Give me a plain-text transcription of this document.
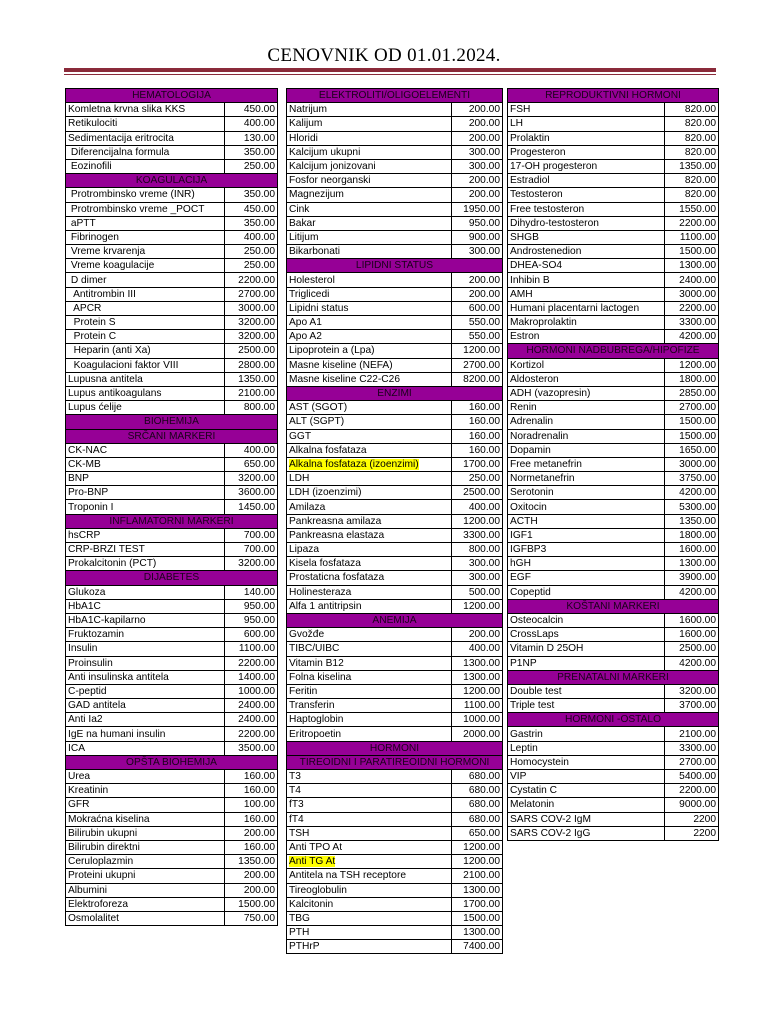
CENOVNIK OD 01.01.2024.
HEMATOLOGIJA	
Komletna krvna slika KKS	450.00
Retikulociti	400.00
Sedimentacija eritrocita	130.00
Diferencijalna formula	350.00
Eozinofili	250.00
KOAGULACIJA	
Protrombinsko vreme (INR)	350.00
Protrombinsko vreme _POCT	450.00
aPTT	350.00
Fibrinogen	400.00
Vreme krvarenja	250.00
Vreme koagulacije	250.00
D dimer	2200.00
Antitrombin III	2700.00
APCR	3000.00
Protein S	3200.00
Protein C	3200.00
Heparin (anti Xa)	2500.00
Koagulacioni faktor VIII	2800.00
Lupusna antitela	1350.00
Lupus antikoagulans	2100.00
Lupus ćelije	800.00
BIOHEMIJA	
SRČANI MARKERI	
CK-NAC	400.00
CK-MB	650.00
BNP	3200.00
Pro-BNP	3600.00
Troponin I	1450.00
INFLAMATORNI MARKERI	
hsCRP	700.00
CRP-BRZI TEST	700.00
Prokalcitonin (PCT)	3200.00
DIJABETES	
Glukoza	140.00
HbA1C	950.00
HbA1C-kapilarno	950.00
Fruktozamin	600.00
Insulin	1100.00
Proinsulin	2200.00
Anti insulinska antitela	1400.00
C-peptid	1000.00
GAD antitela	2400.00
Anti Ia2	2400.00
IgE na humani insulin	2200.00
ICA	3500.00
OPŠTA BIOHEMIJA	
Urea	160.00
Kreatinin	160.00
GFR	100.00
Mokraćna kiselina	160.00
Bilirubin ukupni	200.00
Bilirubin direktni	160.00
Ceruloplazmin	1350.00
Proteini ukupni	200.00
Albumini	200.00
Elektroforeza	1500.00
Osmolalitet	750.00
ELEKTROLITI/OLIGOELEMENTI	
Natrijum	200.00
Kalijum	200.00
Hloridi	200.00
Kalcijum ukupni	300.00
Kalcijum jonizovani	300.00
Fosfor neorganski	200.00
Magnezijum	200.00
Cink	1950.00
Bakar	950.00
Litijum	900.00
Bikarbonati	300.00
LIPIDNI STATUS	
Holesterol	200.00
Triglicedi	200.00
Lipidni status	600.00
Apo A1	550.00
Apo A2	550.00
Lipoprotein a (Lpa)	1200.00
Masne kiseline (NEFA)	2700.00
Masne kiseline C22-C26	8200.00
ENZIMI	
AST (SGOT)	160.00
ALT (SGPT)	160.00
GGT	160.00
Alkalna fosfataza	160.00
Alkalna fosfataza (izoenzimi)	1700.00
LDH	250.00
LDH (izoenzimi)	2500.00
Amilaza	400.00
Pankreasna amilaza	1200.00
Pankreasna elastaza	3300.00
Lipaza	800.00
Kisela fosfataza	300.00
Prostaticna fosfataza	300.00
Holinesteraza	500.00
Alfa 1 antitripsin	1200.00
ANEMIJA	
Gvožđe	200.00
TIBC/UIBC	400.00
Vitamin B12	1300.00
Folna kiselina	1300.00
Feritin	1200.00
Transferin	1100.00
Haptoglobin	1000.00
Eritropoetin	2000.00
HORMONI	
TIREOIDNI I PARATIREOIDNI HORMONI	
T3	680.00
T4	680.00
fT3	680.00
fT4	680.00
TSH	650.00
Anti TPO At	1200.00
Anti TG At	1200.00
Antitela na TSH receptore	2100.00
Tireoglobulin	1300.00
Kalcitonin	1700.00
TBG	1500.00
PTH	1300.00
PTHrP	7400.00
REPRODUKTIVNI HORMONI	
FSH	820.00
LH	820.00
Prolaktin	820.00
Progesteron	820.00
17-OH progesteron	1350.00
Estradiol	820.00
Testosteron	820.00
Free testosteron	1550.00
Dihydro-testosteron	2200.00
SHGB	1100.00
Androstenedion	1500.00
DHEA-SO4	1300.00
Inhibin B	2400.00
AMH	3000.00
Humani placentarni lactogen	2200.00
Makroprolaktin	3300.00
Estron	4200.00
HORMONI NADBUBREGA/HIPOFIZE	
Kortizol	1200.00
Aldosteron	1800.00
ADH (vazopresin)	2850.00
Renin	2700.00
Adrenalin	1500.00
Noradrenalin	1500.00
Dopamin	1650.00
Free metanefrin	3000.00
Normetanefrin	3750.00
Serotonin	4200.00
Oxitocin	5300.00
ACTH	1350.00
IGF1	1800.00
IGFBP3	1600.00
hGH	1300.00
EGF	3900.00
Copeptid	4200.00
KOŠTANI MARKERI	
Osteocalcin	1600.00
CrossLaps	1600.00
Vitamin D 25OH	2500.00
P1NP	4200.00
PRENATALNI MARKERI	
Double test	3200.00
Triple test	3700.00
HORMONI -OSTALO	
Gastrin	2100.00
Leptin	3300.00
Homocystein	2700.00
VIP	5400.00
Cystatin C	2200.00
Melatonin	9000.00
SARS COV-2 IgM	2200
SARS COV-2 IgG	2200
